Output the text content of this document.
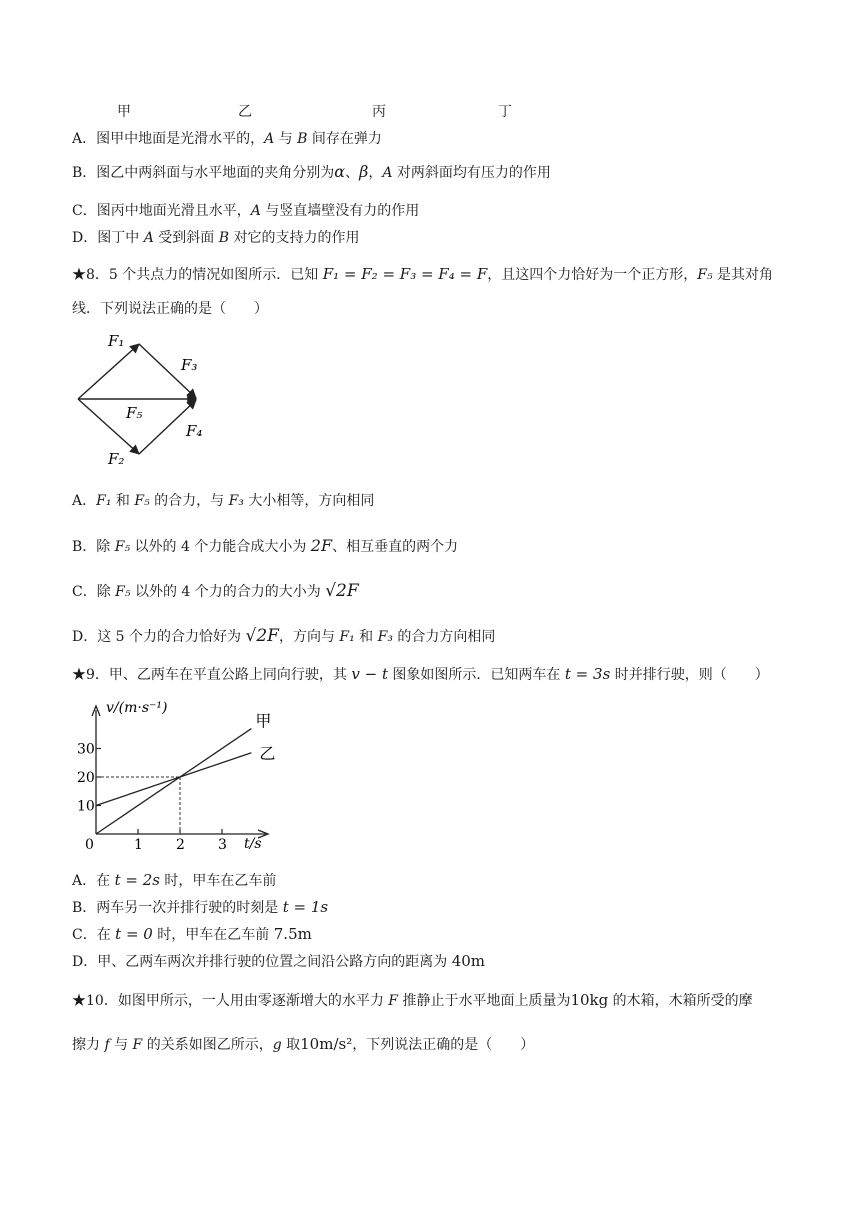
甲	乙	丙	丁
A．图甲中地面是光滑水平的，A 与 B 间存在弹力
B．图乙中两斜面与水平地面的夹角分别为α、β，A 对两斜面均有压力的作用
C．图丙中地面光滑且水平，A 与竖直墙壁没有力的作用
D．图丁中 A 受到斜面 B 对它的支持力的作用
★8．5 个共点力的情况如图所示．已知 F₁ = F₂ = F₃ = F₄ = F，且这四个力恰好为一个正方形，F₅ 是其对角
线．下列说法正确的是（　　）
F₁
F₃
F₅
F₄
F₂
A．F₁ 和 F₅ 的合力，与 F₃ 大小相等，方向相同
B．除 F₅ 以外的 4 个力能合成大小为 2F、相互垂直的两个力
C．除 F₅ 以外的 4 个力的合力的大小为 √2F
D．这 5 个力的合力恰好为 √2F，方向与 F₁ 和 F₃ 的合力方向相同
★9．甲、乙两车在平直公路上同向行驶，其 v − t 图象如图所示．已知两车在 t = 3s 时并排行驶，则（　　）
v/(m·s⁻¹)
t/s
0	1 2 3
10
20
30
甲
乙
A．在 t = 2s 时，甲车在乙车前
B．两车另一次并排行驶的时刻是 t = 1s
C．在 t = 0 时，甲车在乙车前 7.5m
D．甲、乙两车两次并排行驶的位置之间沿公路方向的距离为 40m
★10．如图甲所示，一人用由零逐渐增大的水平力 F 推静止于水平地面上质量为10kg 的木箱，木箱所受的摩
擦力 f 与 F 的关系如图乙所示，g 取10m/s²，下列说法正确的是（　　）
